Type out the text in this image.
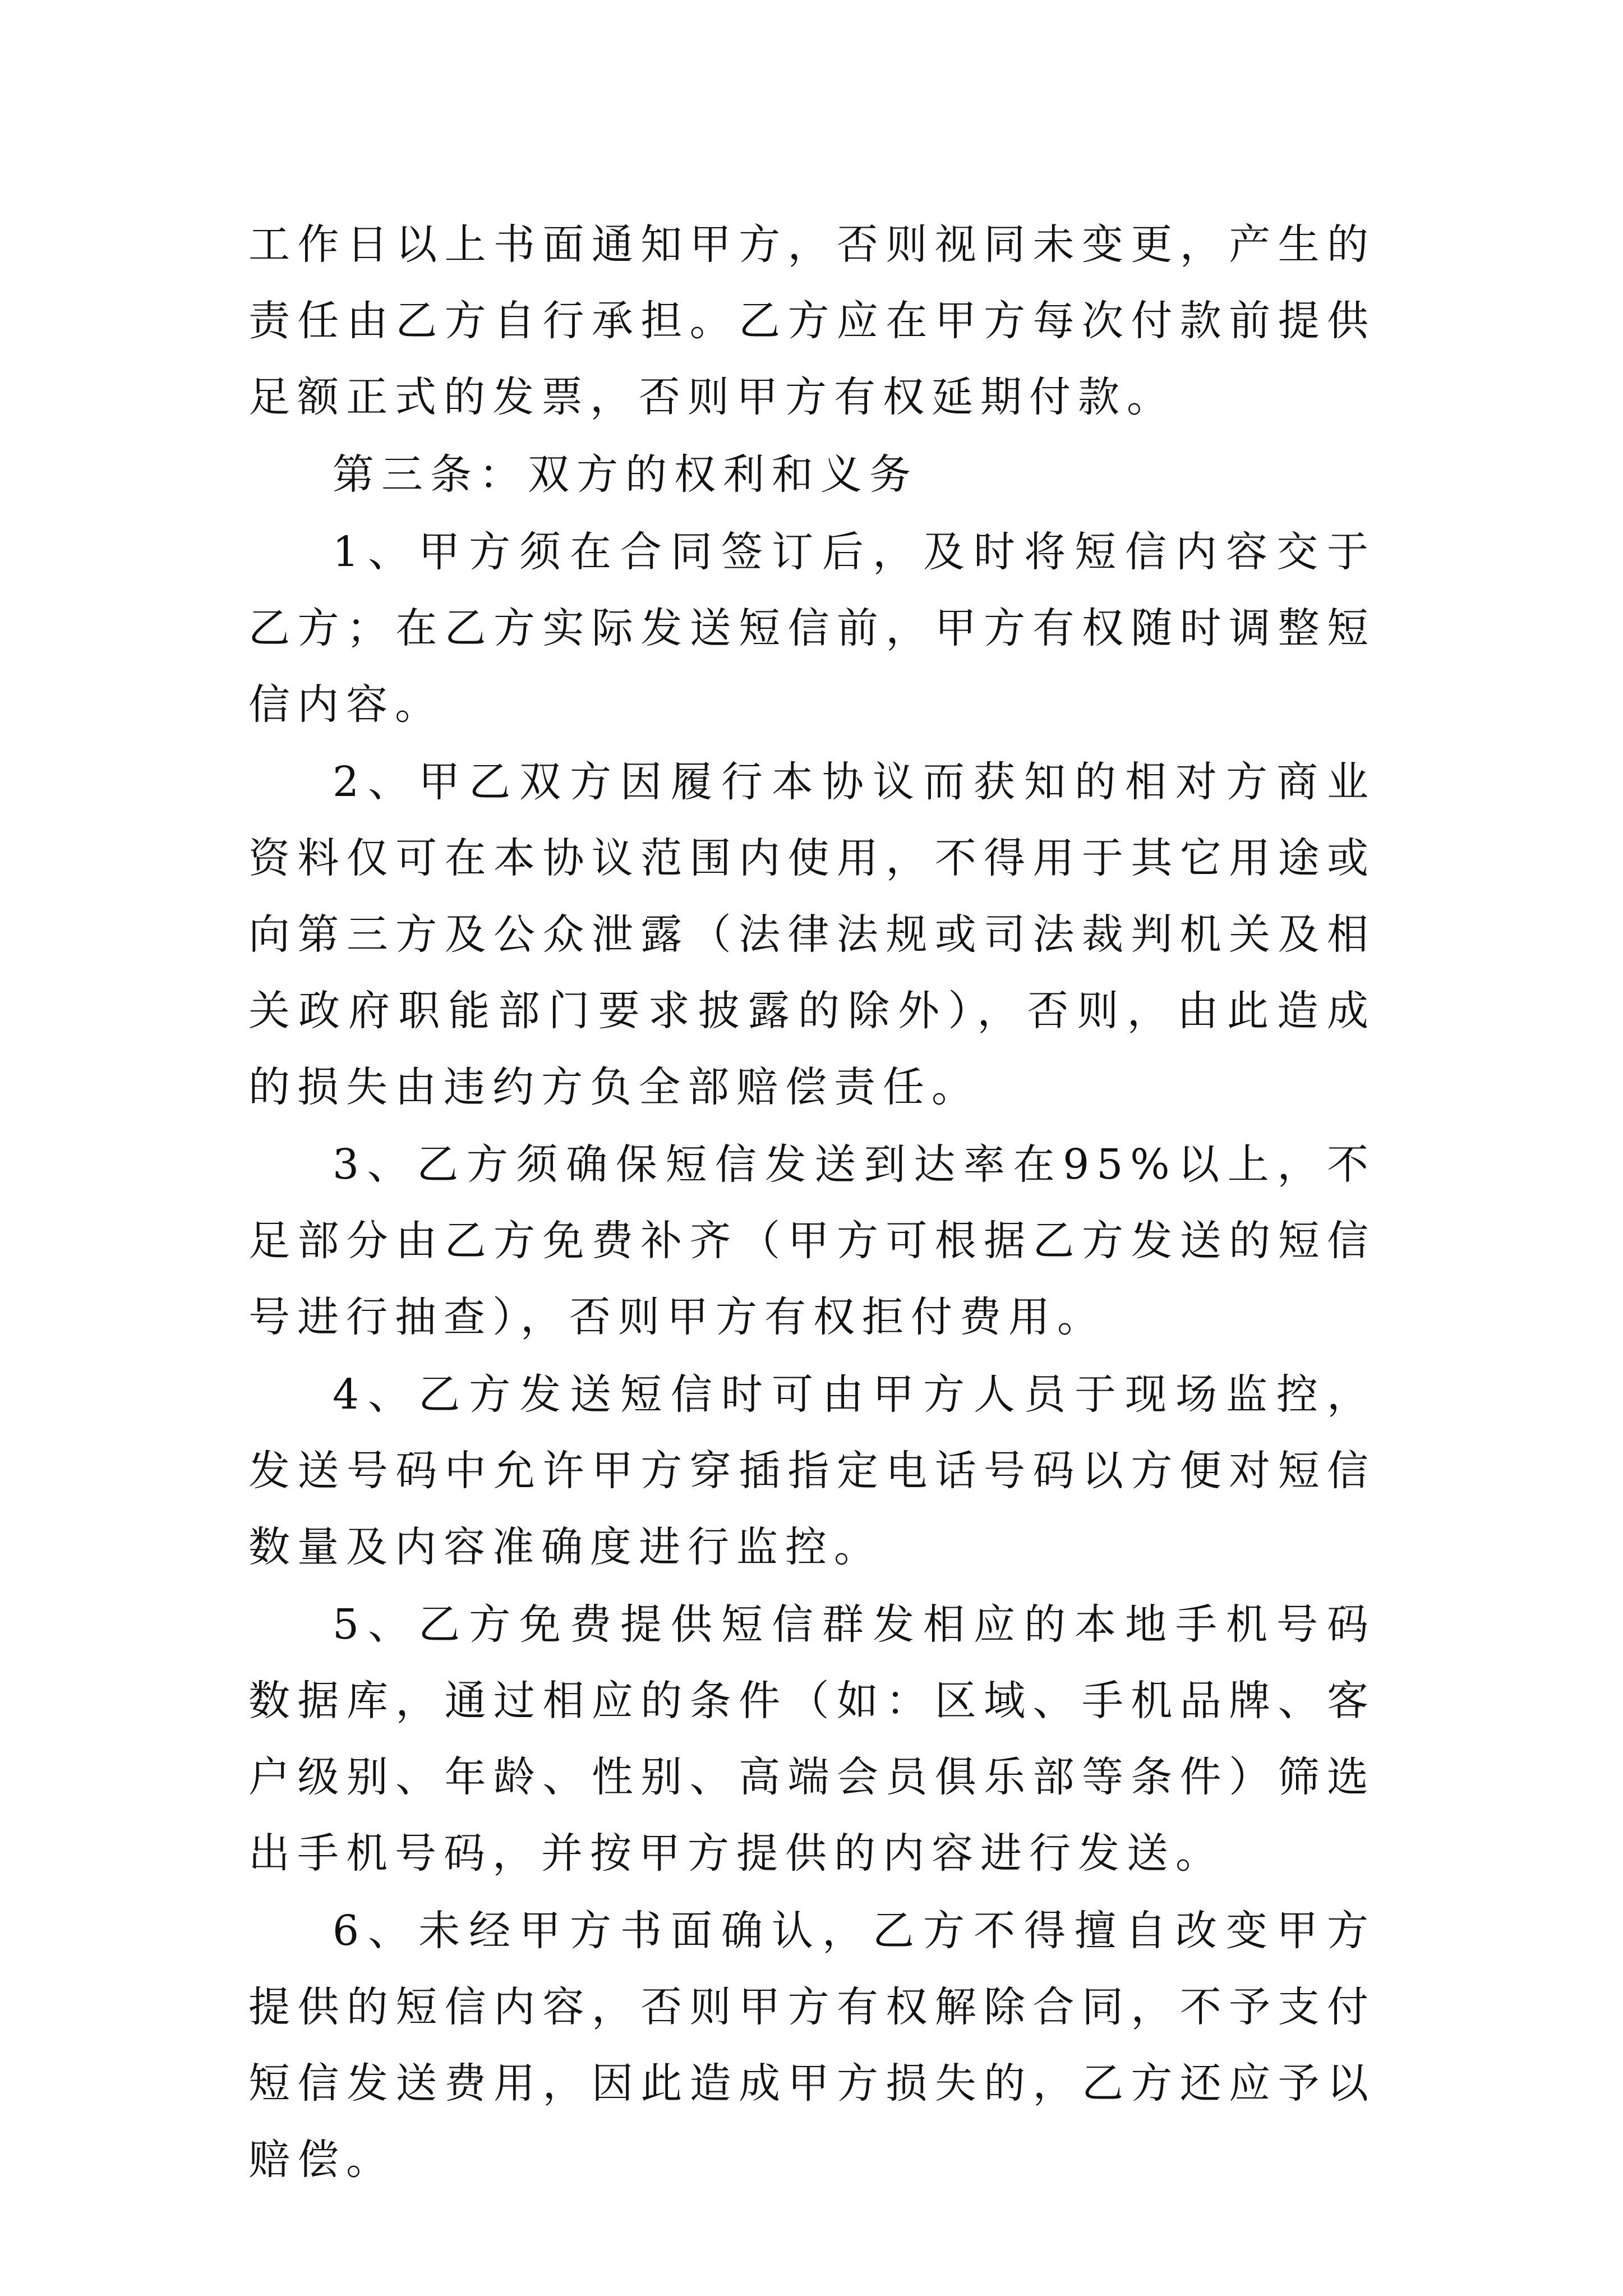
工作日以上书面通知甲方，否则视同未变更，产生的责任由乙方自行承担。乙方应在甲方每次付款前提供足额正式的发票，否则甲方有权延期付款。

第三条：双方的权利和义务

1、甲方须在合同签订后，及时将短信内容交于乙方；在乙方实际发送短信前，甲方有权随时调整短信内容。

2、甲乙双方因履行本协议而获知的相对方商业资料仅可在本协议范围内使用，不得用于其它用途或向第三方及公众泄露（法律法规或司法裁判机关及相关政府职能部门要求披露的除外），否则，由此造成的损失由违约方负全部赔偿责任。

3、乙方须确保短信发送到达率在95%以上，不足部分由乙方免费补齐（甲方可根据乙方发送的短信号进行抽查），否则甲方有权拒付费用。

4、乙方发送短信时可由甲方人员于现场监控，发送号码中允许甲方穿插指定电话号码以方便对短信数量及内容准确度进行监控。

5、乙方免费提供短信群发相应的本地手机号码数据库，通过相应的条件（如：区域、手机品牌、客户级别、年龄、性别、高端会员俱乐部等条件）筛选出手机号码，并按甲方提供的内容进行发送。

6、未经甲方书面确认，乙方不得擅自改变甲方提供的短信内容，否则甲方有权解除合同，不予支付短信发送费用，因此造成甲方损失的，乙方还应予以赔偿。
